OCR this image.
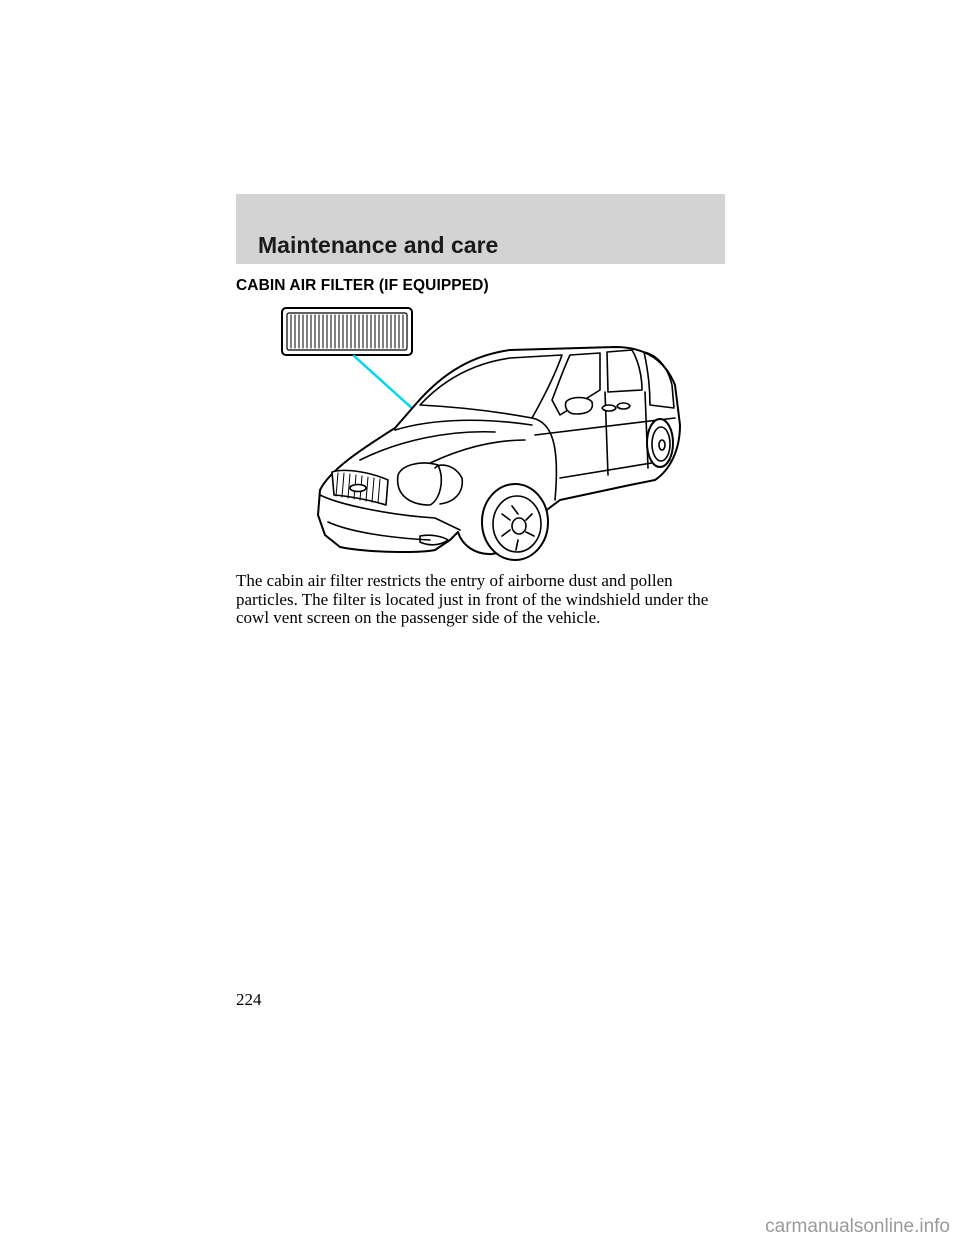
Maintenance and care
CABIN AIR FILTER (IF EQUIPPED)

The cabin air filter restricts the entry of airborne dust and pollen
particles. The filter is located just in front of the windshield under the
cowl vent screen on the passenger side of the vehicle.

224

carmanualsonline.info
